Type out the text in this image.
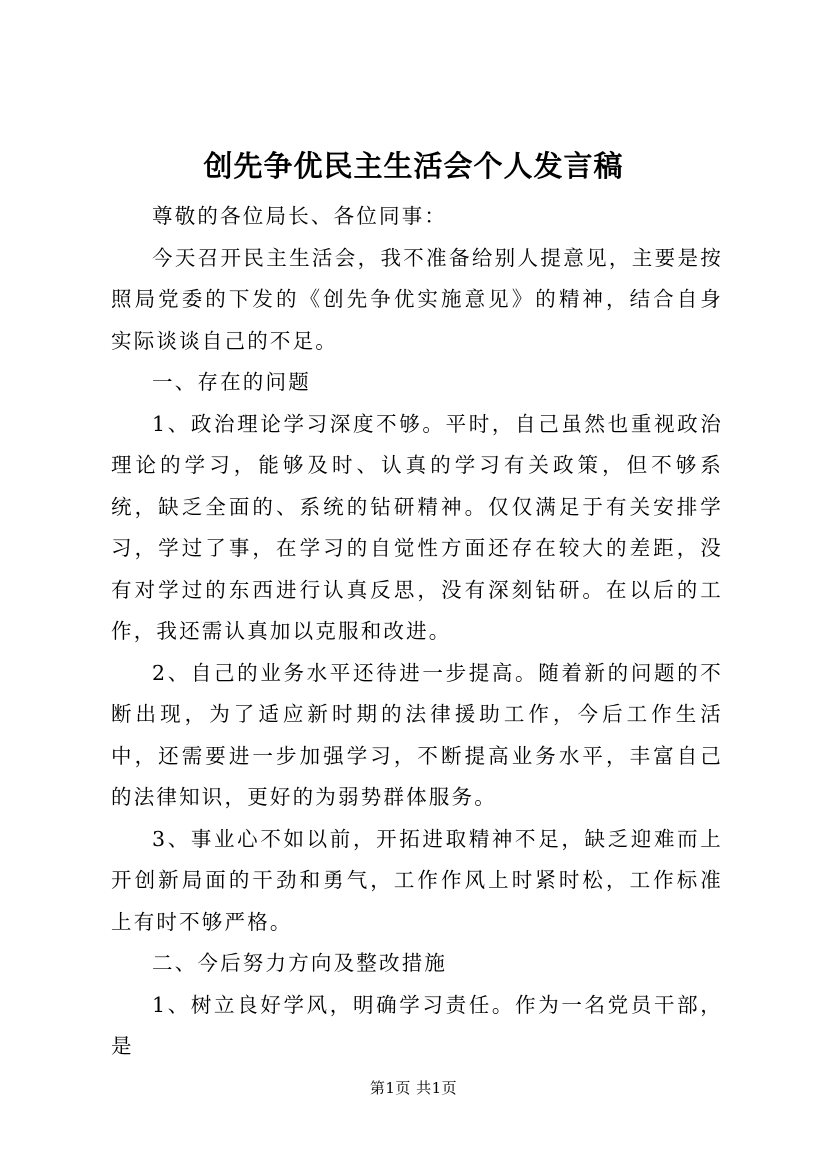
创先争优民主生活会个人发言稿

尊敬的各位局长、各位同事：

今天召开民主生活会，我不准备给别人提意见，主要是按照局党委的下发的《创先争优实施意见》的精神，结合自身实际谈谈自己的不足。

一、存在的问题

1、政治理论学习深度不够。平时，自己虽然也重视政治理论的学习，能够及时、认真的学习有关政策，但不够系统，缺乏全面的、系统的钻研精神。仅仅满足于有关安排学习，学过了事，在学习的自觉性方面还存在较大的差距，没有对学过的东西进行认真反思，没有深刻钻研。在以后的工作，我还需认真加以克服和改进。

2、自己的业务水平还待进一步提高。随着新的问题的不断出现，为了适应新时期的法律援助工作，今后工作生活中，还需要进一步加强学习，不断提高业务水平，丰富自己的法律知识，更好的为弱势群体服务。

3、事业心不如以前，开拓进取精神不足，缺乏迎难而上开创新局面的干劲和勇气，工作作风上时紧时松，工作标准上有时不够严格。

二、今后努力方向及整改措施

1、树立良好学风，明确学习责任。作为一名党员干部，是

第1页 共1页
